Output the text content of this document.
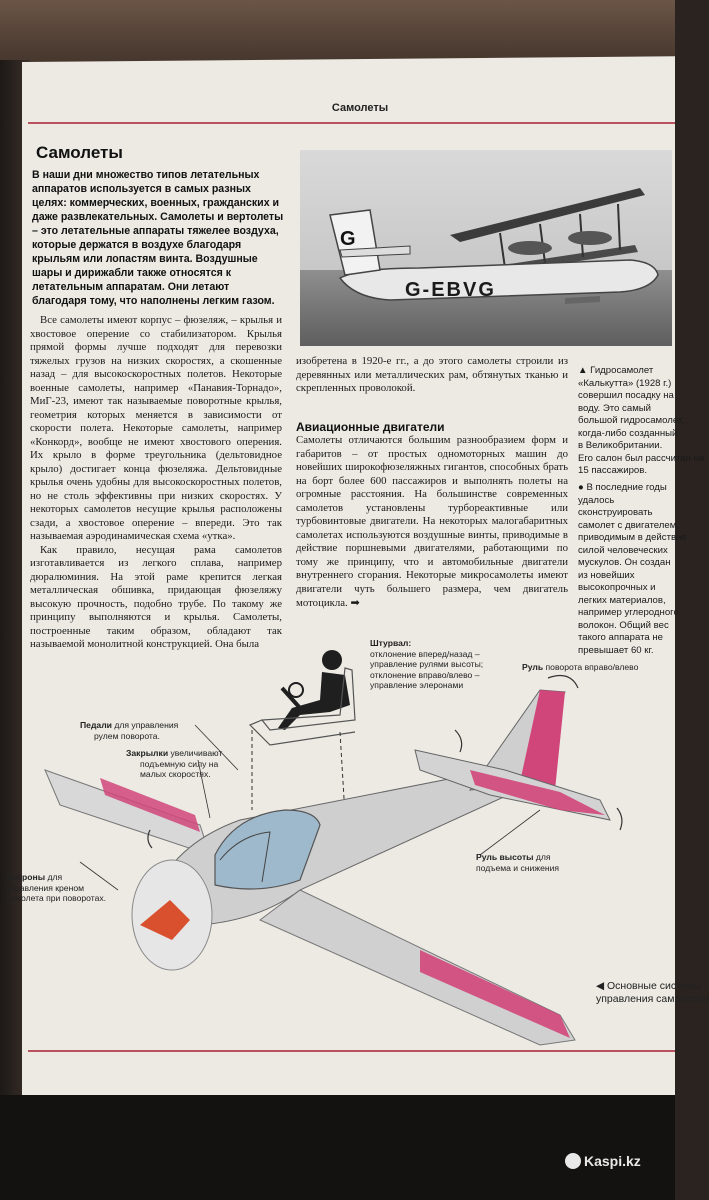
Самолеты
Самолеты
В наши дни множество типов летательных аппаратов используется в самых разных целях: коммерческих, военных, гражданских и даже развлекательных. Самолеты и вертолеты – это летательные аппараты тяжелее воздуха, которые держатся в воздухе благодаря крыльям или лопастям винта. Воздушные шары и дирижабли также относятся к летательным аппаратам. Они летают благодаря тому, что наполнены легким газом.

Все самолеты имеют корпус – фюзеляж, – крылья и хвостовое оперение со стабилизатором. Крылья прямой формы лучше подходят для перевозки тяжелых грузов на низких скоростях, а скошенные назад – для высокоскоростных полетов. Некоторые военные самолеты, например «Панавия-Торнадо», МиГ-23, имеют так называемые поворотные крылья, геометрия которых меняется в зависимости от скорости полета. Некоторые самолеты, например «Конкорд», вообще не имеют хвостового оперения. Их крыло в форме треугольника (дельтовидное крыло) достигает конца фюзеляжа. Дельтовидные крылья очень удобны для высокоскоростных полетов, но не столь эффективны при низких скоростях. У некоторых самолетов несущие крылья расположены сзади, а хвостовое оперение – впереди. Это так называемая аэродинамическая схема «утка».

Как правило, несущая рама самолетов изготавливается из легкого сплава, например дюралюминия. На этой раме крепится легкая металлическая обшивка, придающая фюзеляжу высокую прочность, подобно трубе. По такому же принципу выполняются и крылья. Самолеты, построенные таким образом, обладают так называемой монолитной конструкцией. Она была

G
G-EBVG
изобретена в 1920-е гг., а до этого самолеты строили из деревянных или металлических рам, обтянутых тканью и скрепленных проволокой.
Авиационные двигатели
Самолеты отличаются большим разнообразием форм и габаритов – от простых одномоторных машин до новейших широкофюзеляжных гигантов, способных брать на борт более 600 пассажиров и выполнять полеты на огромные расстояния. На большинстве современных самолетов установлены турбореактивные или турбовинтовые двигатели. На некоторых малогабаритных самолетах используются воздушные винты, приводимые в действие поршневыми двигателями, работающими по тому же принципу, что и автомобильные двигатели внутреннего сгорания. Некоторые микросамолеты имеют двигатели чуть большего размера, чем двигатель мотоцикла. ➡
▲ Гидросамолет
«Калькутта» (1928 г.)
совершил посадку на
воду. Это самый
большой гидросамолет,
когда-либо созданный
в Великобритании.
Его салон был рассчитан на
15 пассажиров.
● В последние годы
удалось
сконструировать
самолет с двигателем,
приводимым в действие
силой человеческих
мускулов. Он создан
из новейших
высокопрочных и
легких материалов,
например углеродного
волокон. Общий вес
такого аппарата не
превышает 60 кг.
Штурвал:
отклонение вперед/назад –
управление рулями высоты;
отклонение вправо/влево –
управление элеронами
Руль поворота вправо/влево
Педали для управления
рулем поворота.
Закрылки увеличивают
подъемную силу на
малых скоростях.
Руль высоты для
подъема и снижения
Элероны для
управления креном
самолета при поворотах.
◀ Основные системы
управления самолетом
Kaspi.kz
